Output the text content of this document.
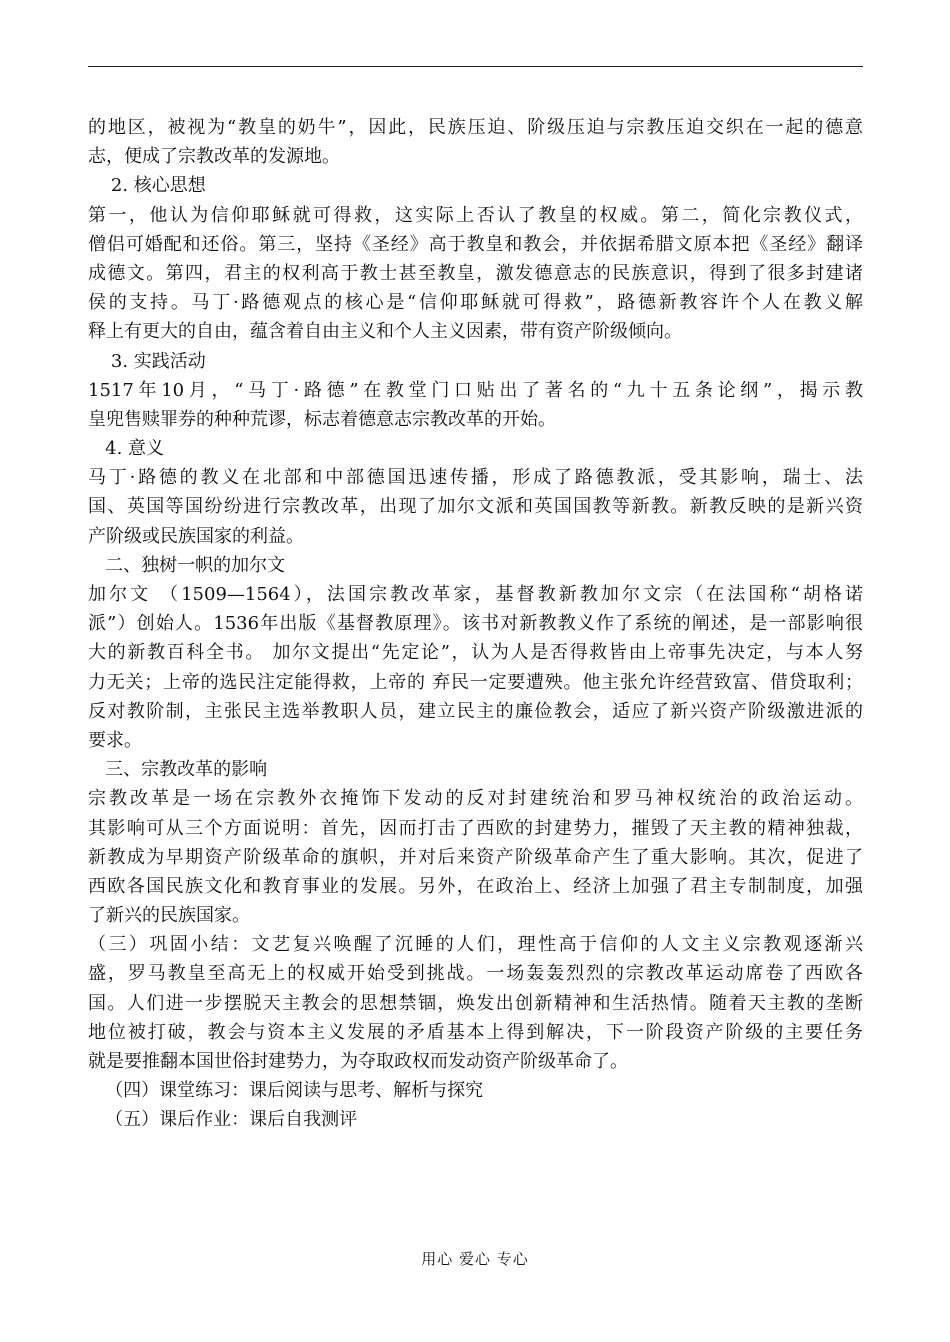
的地区，被视为“教皇的奶牛”，因此，民族压迫、阶级压迫与宗教压迫交织在一起的德意
志，便成了宗教改革的发源地。
2. 核心思想
第一，他认为信仰耶稣就可得救，这实际上否认了教皇的权威。第二，简化宗教仪式，
僧侣可婚配和还俗。第三，坚持《圣经》高于教皇和教会，并依据希腊文原本把《圣经》翻译
成德文。第四，君主的权利高于教士甚至教皇，激发德意志的民族意识，得到了很多封建诸
侯的支持。马丁·路德观点的核心是“信仰耶稣就可得救”，路德新教容许个人在教义解
释上有更大的自由，蕴含着自由主义和个人主义因素，带有资产阶级倾向。
3. 实践活动
1517年10月，“马丁·路德”在教堂门口贴出了著名的“九十五条论纲”，揭示教
皇兜售赎罪券的种种荒谬，标志着德意志宗教改革的开始。
4. 意义
马丁·路德的教义在北部和中部德国迅速传播，形成了路德教派，受其影响，瑞士、法
国、英国等国纷纷进行宗教改革，出现了加尔文派和英国国教等新教。新教反映的是新兴资
产阶级或民族国家的利益。
二、独树一帜的加尔文
加尔文 （1509—1564），法国宗教改革家，基督教新教加尔文宗（在法国称“胡格诺
派”）创始人。1536年出版《基督教原理》。该书对新教教义作了系统的阐述，是一部影响很
大的新教百科全书。 加尔文提出“先定论”，认为人是否得救皆由上帝事先决定，与本人努
力无关；上帝的选民注定能得救，上帝的 弃民一定要遭殃。他主张允许经营致富、借贷取利；
反对教阶制，主张民主选举教职人员，建立民主的廉俭教会，适应了新兴资产阶级激进派的
要求。
三、宗教改革的影响
宗教改革是一场在宗教外衣掩饰下发动的反对封建统治和罗马神权统治的政治运动。
其影响可从三个方面说明：首先，因而打击了西欧的封建势力，摧毁了天主教的精神独裁，
新教成为早期资产阶级革命的旗帜，并对后来资产阶级革命产生了重大影响。其次，促进了
西欧各国民族文化和教育事业的发展。另外，在政治上、经济上加强了君主专制制度，加强
了新兴的民族国家。
（三）巩固小结：文艺复兴唤醒了沉睡的人们，理性高于信仰的人文主义宗教观逐渐兴
盛，罗马教皇至高无上的权威开始受到挑战。一场轰轰烈烈的宗教改革运动席卷了西欧各
国。人们进一步摆脱天主教会的思想禁锢，焕发出创新精神和生活热情。随着天主教的垄断
地位被打破，教会与资本主义发展的矛盾基本上得到解决，下一阶段资产阶级的主要任务
就是要推翻本国世俗封建势力，为夺取政权而发动资产阶级革命了。
（四）课堂练习：课后阅读与思考、解析与探究
（五）课后作业：课后自我测评
用心 爱心 专心
